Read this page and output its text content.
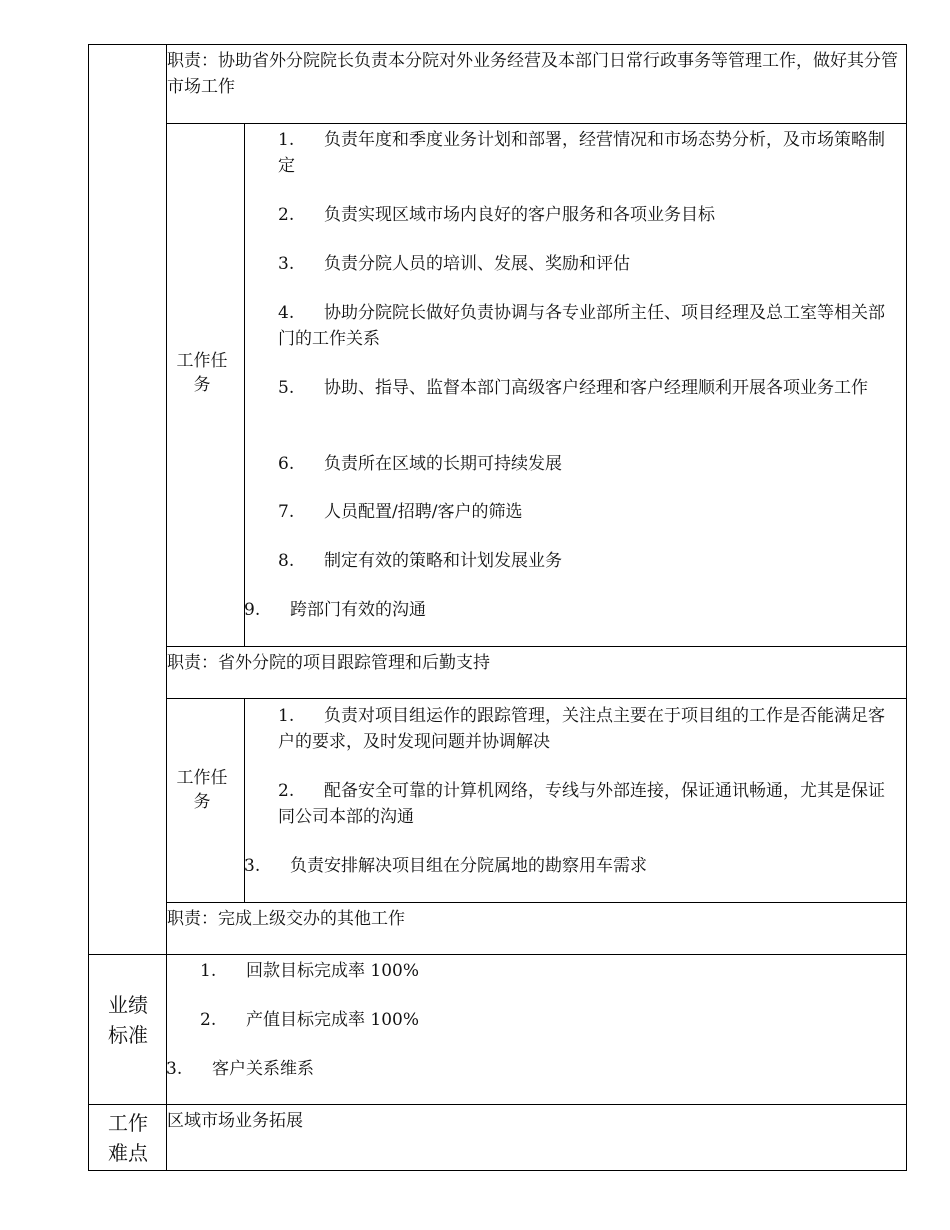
职责：协助省外分院院长负责本分院对外业务经营及本部门日常行政事务等管理工作，做好其分管市场工作
工作任务
1. 负责年度和季度业务计划和部署，经营情况和市场态势分析，及市场策略制定
2. 负责实现区域市场内良好的客户服务和各项业务目标
3. 负责分院人员的培训、发展、奖励和评估
4. 协助分院院长做好负责协调与各专业部所主任、项目经理及总工室等相关部门的工作关系
5. 协助、指导、监督本部门高级客户经理和客户经理顺利开展各项业务工作
6. 负责所在区域的长期可持续发展
7. 人员配置/招聘/客户的筛选
8. 制定有效的策略和计划发展业务
9. 跨部门有效的沟通
职责：省外分院的项目跟踪管理和后勤支持
工作任务
1. 负责对项目组运作的跟踪管理，关注点主要在于项目组的工作是否能满足客户的要求，及时发现问题并协调解决
2. 配备安全可靠的计算机网络，专线与外部连接，保证通讯畅通，尤其是保证同公司本部的沟通
3. 负责安排解决项目组在分院属地的勘察用车需求
职责：完成上级交办的其他工作
业绩标准
1. 回款目标完成率 100%
2. 产值目标完成率 100%
3. 客户关系维系
工作难点
区域市场业务拓展
